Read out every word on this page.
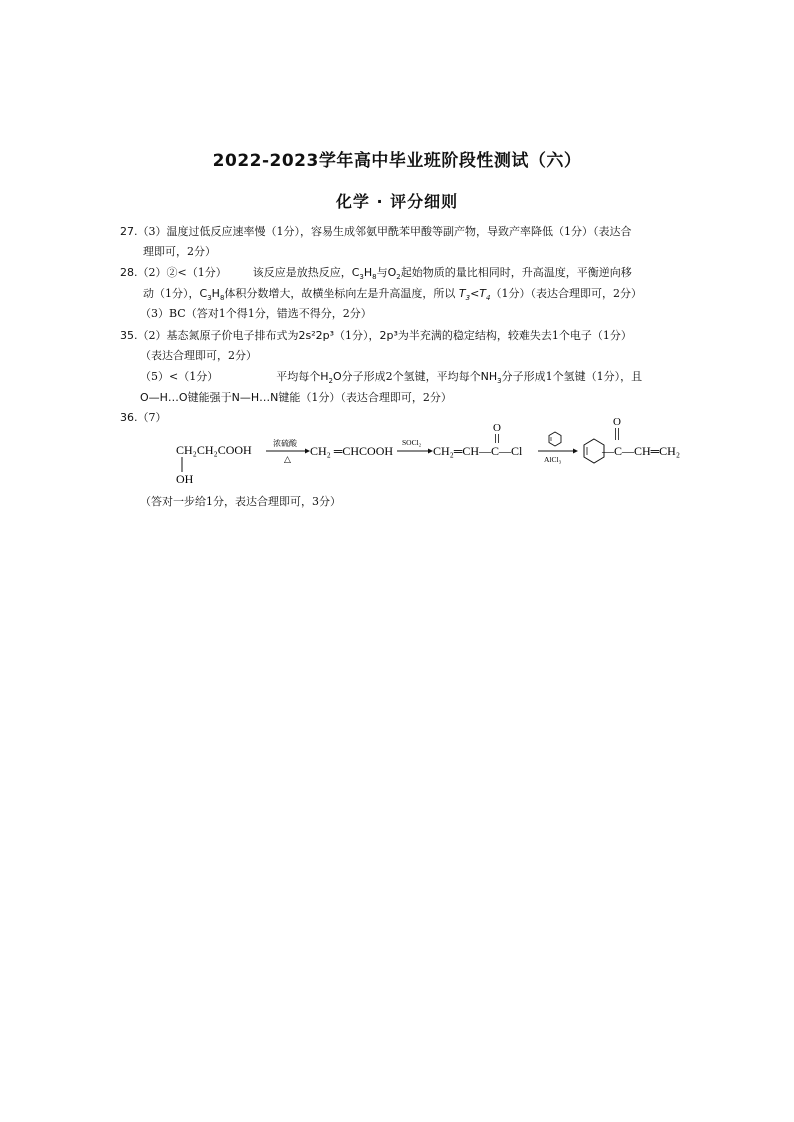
2022-2023学年高中毕业班阶段性测试（六）
化学 · 评分细则
27.（3）温度过低反应速率慢（1分），容易生成邻氨甲酰苯甲酸等副产物，导致产率降低（1分）（表达合
理即可，2分）
28.（2）②<（1分） 该反应是放热反应，$C_3H_8$与$O_2$起始物质的量比相同时，升高温度，平衡逆向移
动（1分），$C_3H_8$体积分数增大，故横坐标向左是升高温度，所以 $T_3<T_4(1$分）（表达合理即可，2分）
（3）BC（答对1个得1分，错选不得分，2分）
35.（2）基态氮原子价电子排布式为2s²2p³（1分），2p³为半充满的稳定结构，较难失去1个电子（1分）
（表达合理即可，2分）
（5）<（1分）	平均每个$H_2O$分子形成2个氢键，平均每个$NH_3$分子形成1个氢键（1分），且
O—H…O键能强于N—H…N键能（1分）（表达合理即可，2分）
36.（7）
CH₂CH₂COOH
OH
浓硫酸
△
CH₂ ═CHCOOH
SOCl₂
O
CH₂═CH—C—Cl
AlCl₃
O
—C—CH═CH₂
（答对一步给1分，表达合理即可，3分）
